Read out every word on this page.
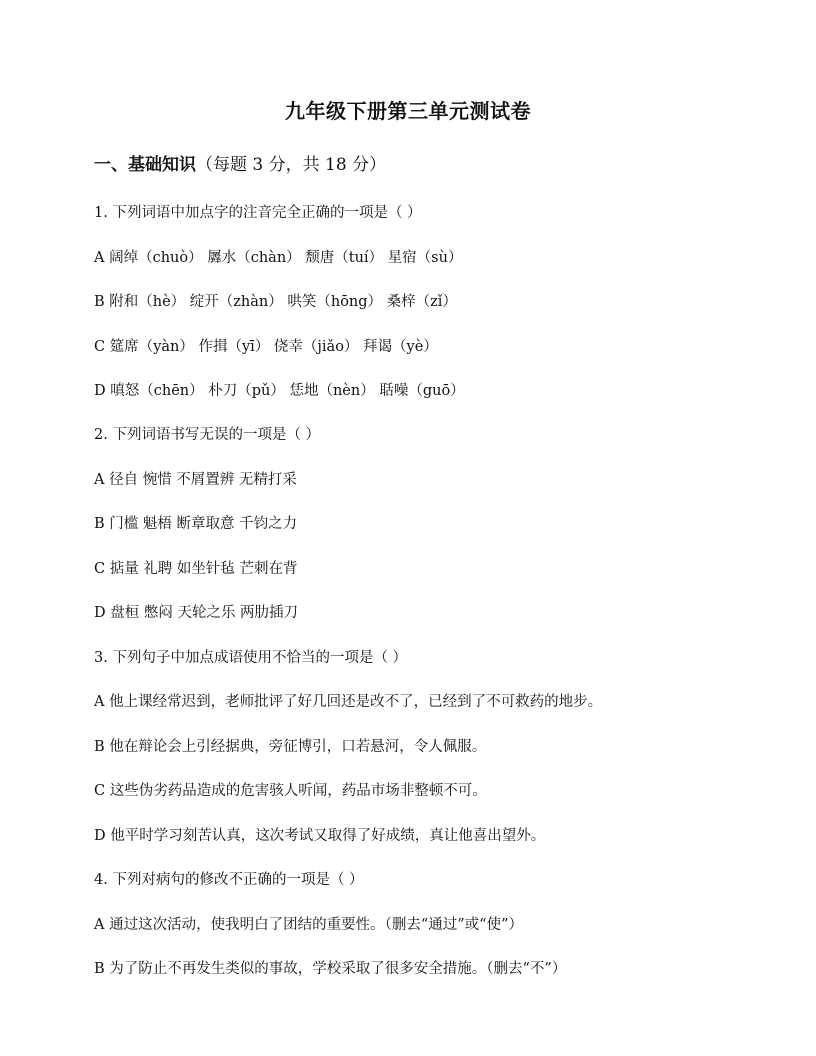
九年级下册第三单元测试卷
一、基础知识（每题 3 分，共 18 分）
1. 下列词语中加点字的注音完全正确的一项是（ ）
A 阔绰（chuò） 羼水（chàn） 颓唐（tuí） 星宿（sù）
B 附和（hè） 绽开（zhàn） 哄笑（hōng） 桑梓（zǐ）
C 筵席（yàn） 作揖（yī） 侥幸（jiǎo） 拜谒（yè）
D 嗔怒（chēn） 朴刀（pǔ） 恁地（nèn） 聒噪（guō）
2. 下列词语书写无误的一项是（ ）
A 径自 惋惜 不屑置辨 无精打采
B 门槛 魁梧 断章取意 千钧之力
C 掂量 礼聘 如坐针毡 芒刺在背
D 盘桓 憋闷 天轮之乐 两肋插刀
3. 下列句子中加点成语使用不恰当的一项是（ ）
A 他上课经常迟到，老师批评了好几回还是改不了，已经到了不可救药的地步。
B 他在辩论会上引经据典，旁征博引，口若悬河，令人佩服。
C 这些伪劣药品造成的危害骇人听闻，药品市场非整顿不可。
D 他平时学习刻苦认真，这次考试又取得了好成绩，真让他喜出望外。
4. 下列对病句的修改不正确的一项是（ ）
A 通过这次活动，使我明白了团结的重要性。（删去“通过”或“使”）
B 为了防止不再发生类似的事故，学校采取了很多安全措施。（删去“不”）
